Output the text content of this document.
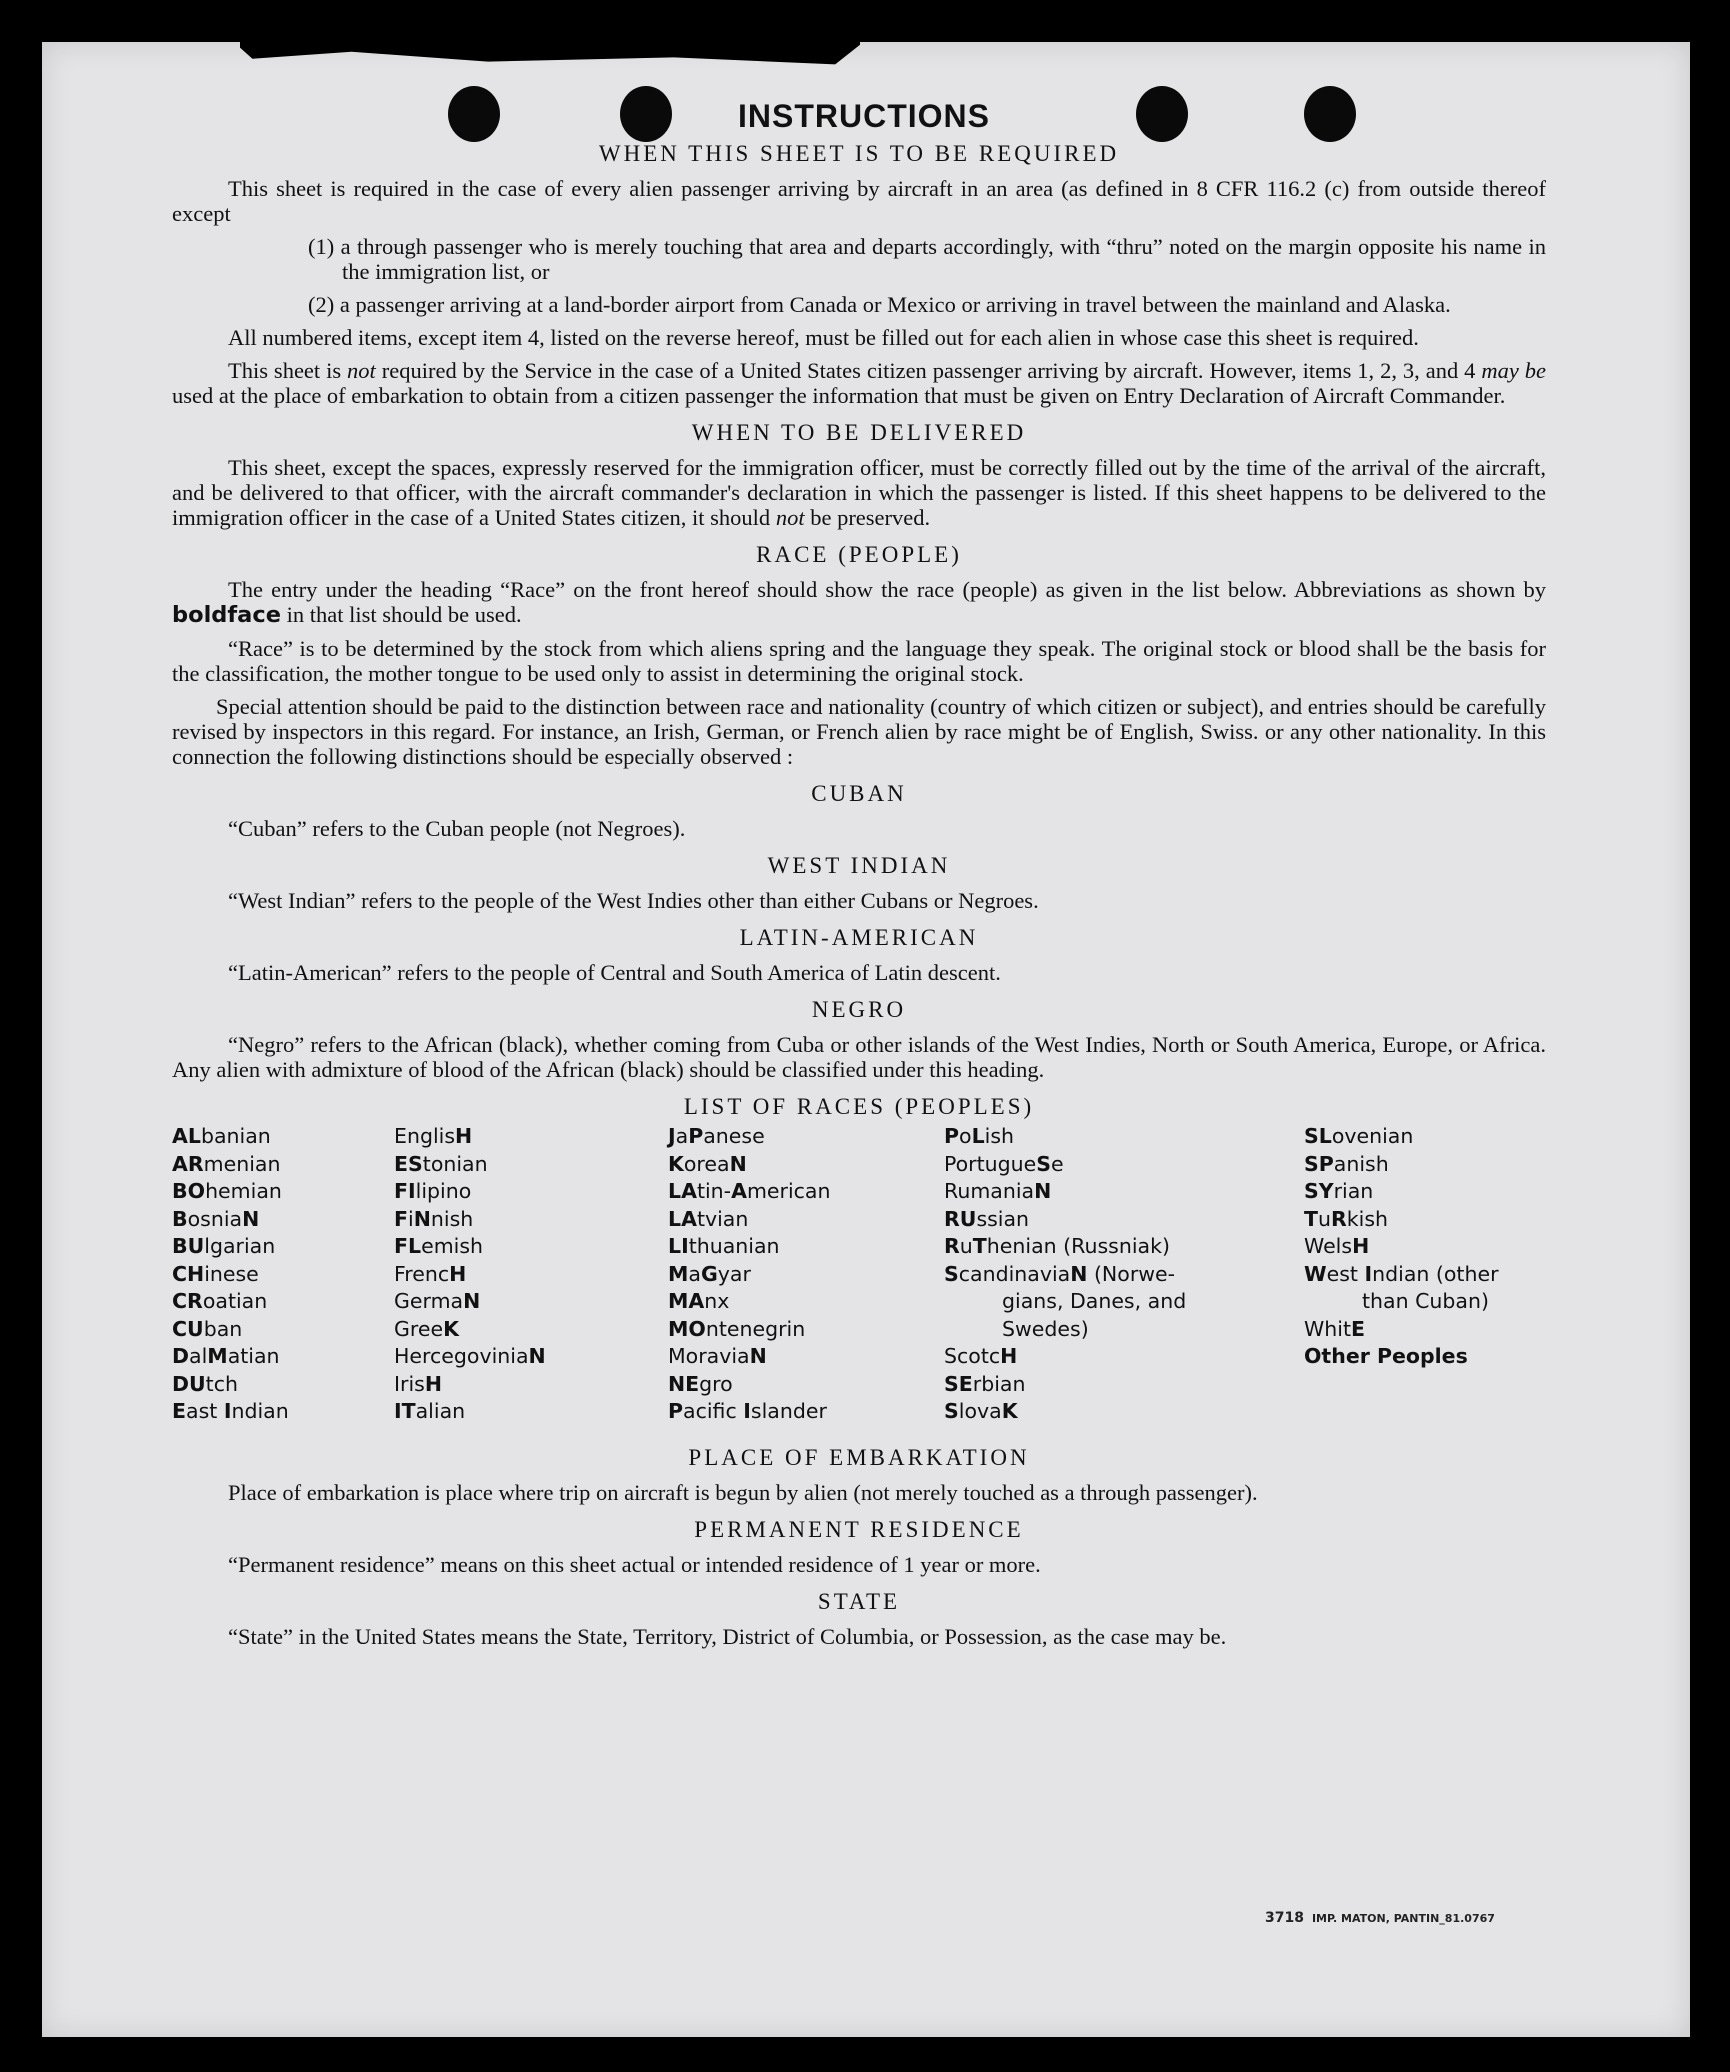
INSTRUCTIONS
WHEN THIS SHEET IS TO BE REQUIRED

This sheet is required in the case of every alien passenger arriving by aircraft in an area (as defined in 8 CFR 116.2 (c) from outside thereof except

(1) a through passenger who is merely touching that area and departs accordingly, with “thru” noted on the margin opposite his name in the immigration list, or

(2) a passenger arriving at a land-border airport from Canada or Mexico or arriving in travel between the mainland and Alaska.

All numbered items, except item 4, listed on the reverse hereof, must be filled out for each alien in whose case this sheet is required.

This sheet is not required by the Service in the case of a United States citizen passenger arriving by aircraft. However, items 1, 2, 3, and 4 may be used at the place of embarkation to obtain from a citizen passenger the information that must be given on Entry Declaration of Aircraft Commander.

WHEN TO BE DELIVERED

This sheet, except the spaces, expressly reserved for the immigration officer, must be correctly filled out by the time of the arrival of the aircraft, and be delivered to that officer, with the aircraft commander's declaration in which the passenger is listed. If this sheet happens to be delivered to the immigration officer in the case of a United States citizen, it should not be preserved.

RACE (PEOPLE)

The entry under the heading “Race” on the front hereof should show the race (people) as given in the list below. Abbreviations as shown by boldface in that list should be used.

“Race” is to be determined by the stock from which aliens spring and the language they speak. The original stock or blood shall be the basis for the classification, the mother tongue to be used only to assist in determining the original stock.

Special attention should be paid to the distinction between race and nationality (country of which citizen or subject), and entries should be carefully revised by inspectors in this regard. For instance, an Irish, German, or French alien by race might be of English, Swiss. or any other nationality. In this connection the following distinctions should be especially observed :

CUBAN

“Cuban” refers to the Cuban people (not Negroes).

WEST INDIAN

“West Indian” refers to the people of the West Indies other than either Cubans or Negroes.

LATIN-AMERICAN

“Latin-American” refers to the people of Central and South America of Latin descent.

NEGRO

“Negro” refers to the African (black), whether coming from Cuba or other islands of the West Indies, North or South America, Europe, or Africa. Any alien with admixture of blood of the African (black) should be classified under this heading.

LIST OF RACES (PEOPLES)
ALbanian
ARmenian
BOhemian
BosniaN
BUlgarian
CHinese
CRoatian
CUban
DalMatian
DUtch
East Indian
EnglisH
EStonian
FIlipino
FiNnish
FLemish
FrencH
GermaN
GreeK
HercegoviniaN
IrisH
ITalian
JaPanese
KoreaN
LAtin-American
LAtvian
LIthuanian
MaGyar
MAnx
MOntenegrin
MoraviaN
NEgro
Pacific Islander
PoLish
PortugueSe
RumaniaN
RUssian
RuThenian (Russniak)
ScandinaviaN (Norwe-
gians, Danes, and
Swedes)
ScotcH
SErbian
SlovaK
SLovenian
SPanish
SYrian
TuRkish
WelsH
West Indian (other
than Cuban)
WhitE
Other Peoples
PLACE OF EMBARKATION

Place of embarkation is place where trip on aircraft is begun by alien (not merely touched as a through passenger).

PERMANENT RESIDENCE

“Permanent residence” means on this sheet actual or intended residence of 1 year or more.

STATE

“State” in the United States means the State, Territory, District of Columbia, or Possession, as the case may be.

3718 IMP. MATON, PANTIN_81.0767
